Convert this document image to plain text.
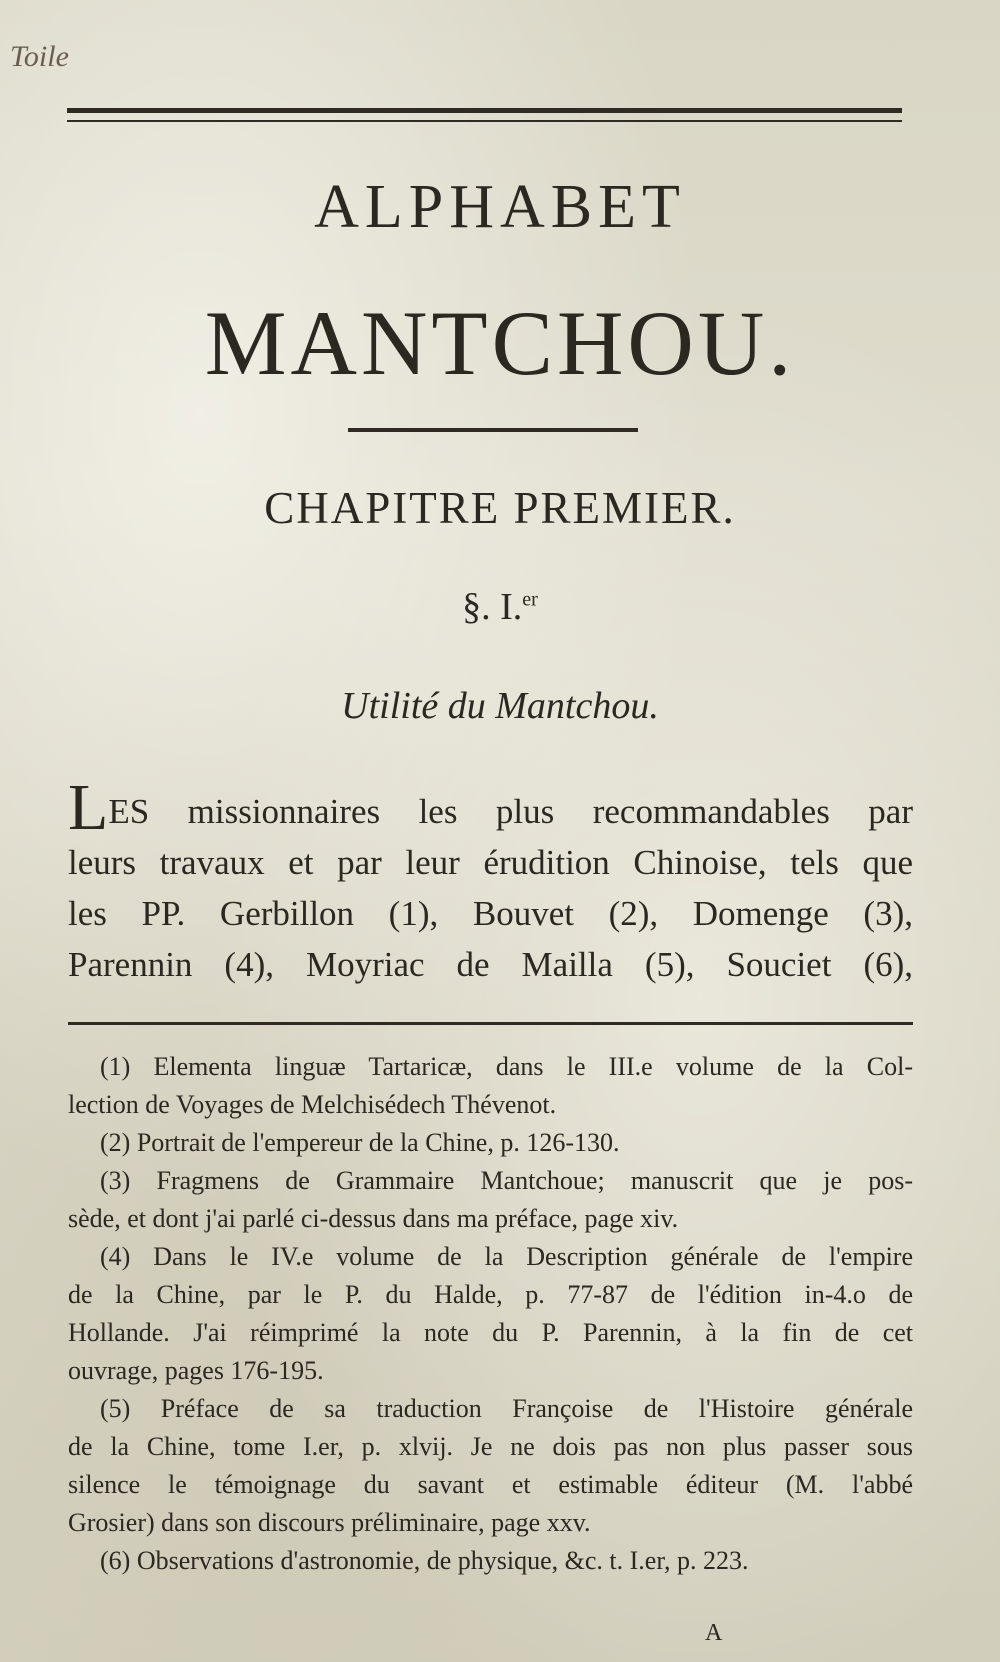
Toile
ALPHABET
MANTCHOU.
CHAPITRE PREMIER.
§. I.$^{er}$
Utilité du Mantchou.
LES missionnaires les plus recommandables par
leurs travaux et par leur érudition Chinoise, tels que
les PP. Gerbillon (1), Bouvet (2), Domenge (3),
Parennin (4), Moyriac de Mailla (5), Souciet (6),
(1) Elementa linguæ Tartaricæ, dans le III.e volume de la Col-
lection de Voyages de Melchisédech Thévenot.
(2) Portrait de l'empereur de la Chine, p. 126-130.
(3) Fragmens de Grammaire Mantchoue; manuscrit que je pos-
sède, et dont j'ai parlé ci-dessus dans ma préface, page xiv.
(4) Dans le IV.e volume de la Description générale de l'empire
de la Chine, par le P. du Halde, p. 77-87 de l'édition in-4.o de
Hollande. J'ai réimprimé la note du P. Parennin, à la fin de cet
ouvrage, pages 176-195.
(5) Préface de sa traduction Françoise de l'Histoire générale
de la Chine, tome I.er, p. xlvij. Je ne dois pas non plus passer sous
silence le témoignage du savant et estimable éditeur (M. l'abbé
Grosier) dans son discours préliminaire, page xxv.
(6) Observations d'astronomie, de physique, &c. t. I.er, p. 223.
A
